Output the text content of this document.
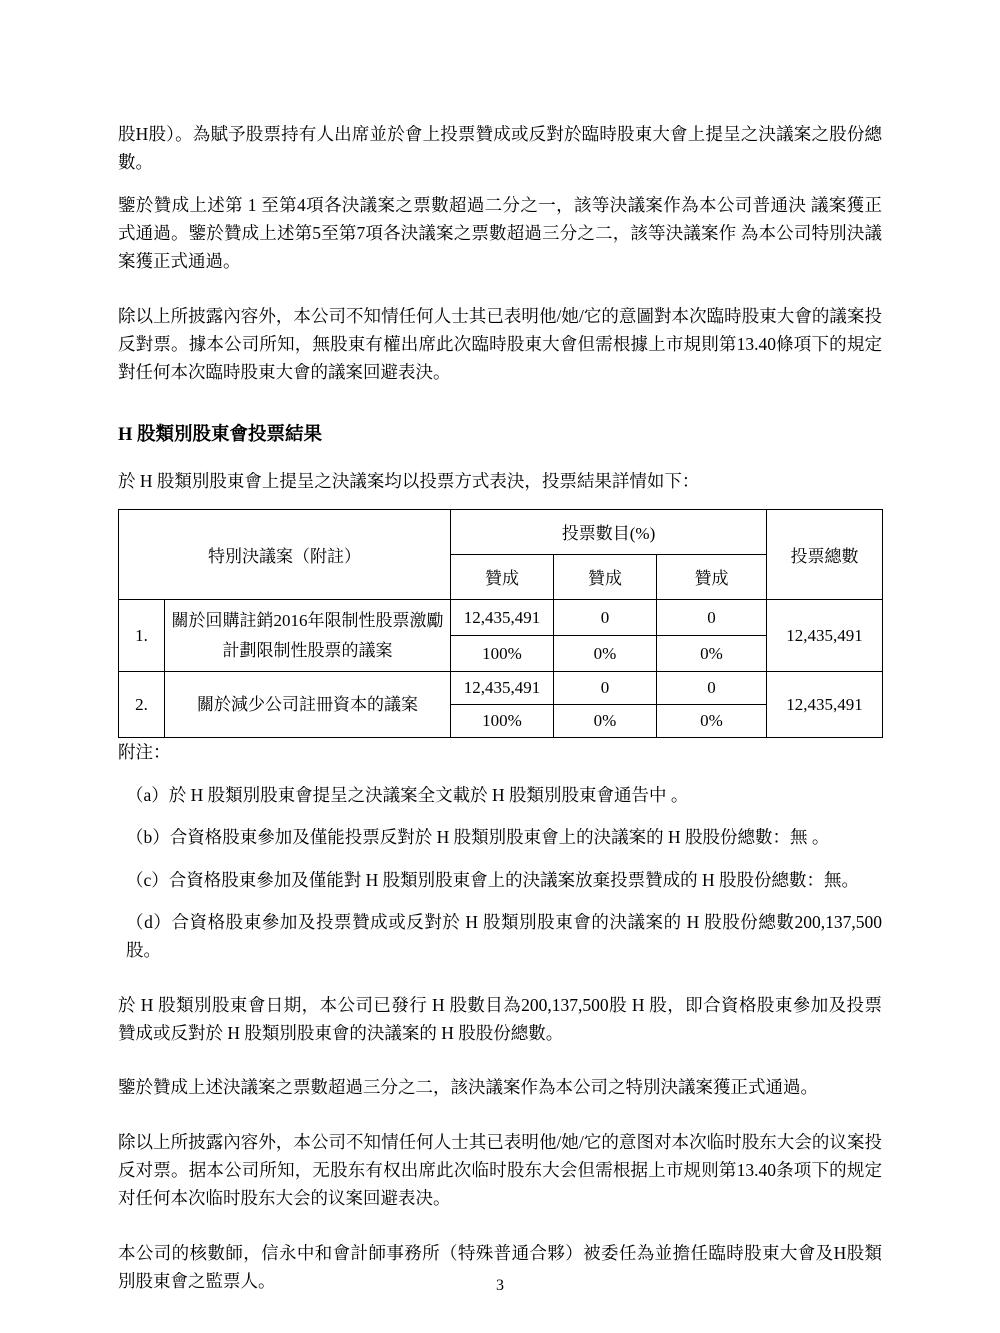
股H股）。為賦予股票持有人出席並於會上投票贊成或反對於臨時股東大會上提呈之決議案之股份總數。

鑒於贊成上述第 1 至第4項各決議案之票數超過二分之一，該等決議案作為本公司普通決 議案獲正式通過。鑒於贊成上述第5至第7項各決議案之票數超過三分之二，該等決議案作 為本公司特別決議案獲正式通過。

除以上所披露內容外，本公司不知情任何人士其已表明他/她/它的意圖對本次臨時股東大會的議案投反對票。據本公司所知，無股東有權出席此次臨時股東大會但需根據上市規則第13.40條項下的規定對任何本次臨時股東大會的議案回避表決。

H 股類別股東會投票結果

於 H 股類別股東會上提呈之決議案均以投票方式表決，投票結果詳情如下：

特別決議案（附註）		投票數目(%)			投票總數
		贊成	贊成	贊成	
1.	關於回購註銷2016年限制性股票激勵計劃限制性股票的議案	12,435,491	0	0	12,435,491
		100%	0%	0%	
2.	關於減少公司註冊資本的議案	12,435,491	0	0	12,435,491
		100%	0%	0%	

附注：

（a）於 H 股類別股東會提呈之決議案全文載於 H 股類別股東會通告中 。

（b）合資格股東參加及僅能投票反對於 H 股類別股東會上的決議案的 H 股股份總數：無 。

（c）合資格股東參加及僅能對 H 股類別股東會上的決議案放棄投票贊成的 H 股股份總數：無。

（d）合資格股東參加及投票贊成或反對於 H 股類別股東會的決議案的 H 股股份總數200,137,500股。

於 H 股類別股東會日期，本公司已發行 H 股數目為200,137,500股 H 股，即合資格股東參加及投票贊成或反對於 H 股類別股東會的決議案的 H 股股份總數。

鑒於贊成上述決議案之票數超過三分之二，該決議案作為本公司之特別決議案獲正式通過。

除以上所披露內容外，本公司不知情任何人士其已表明他/她/它的意图对本次临时股东大会的议案投反对票。据本公司所知，无股东有权出席此次临时股东大会但需根据上市规则第13.40条项下的规定对任何本次临时股东大会的议案回避表决。

本公司的核數師，信永中和會計師事務所（特殊普通合夥）被委任為並擔任臨時股東大會及H股類別股東會之監票人。	3
